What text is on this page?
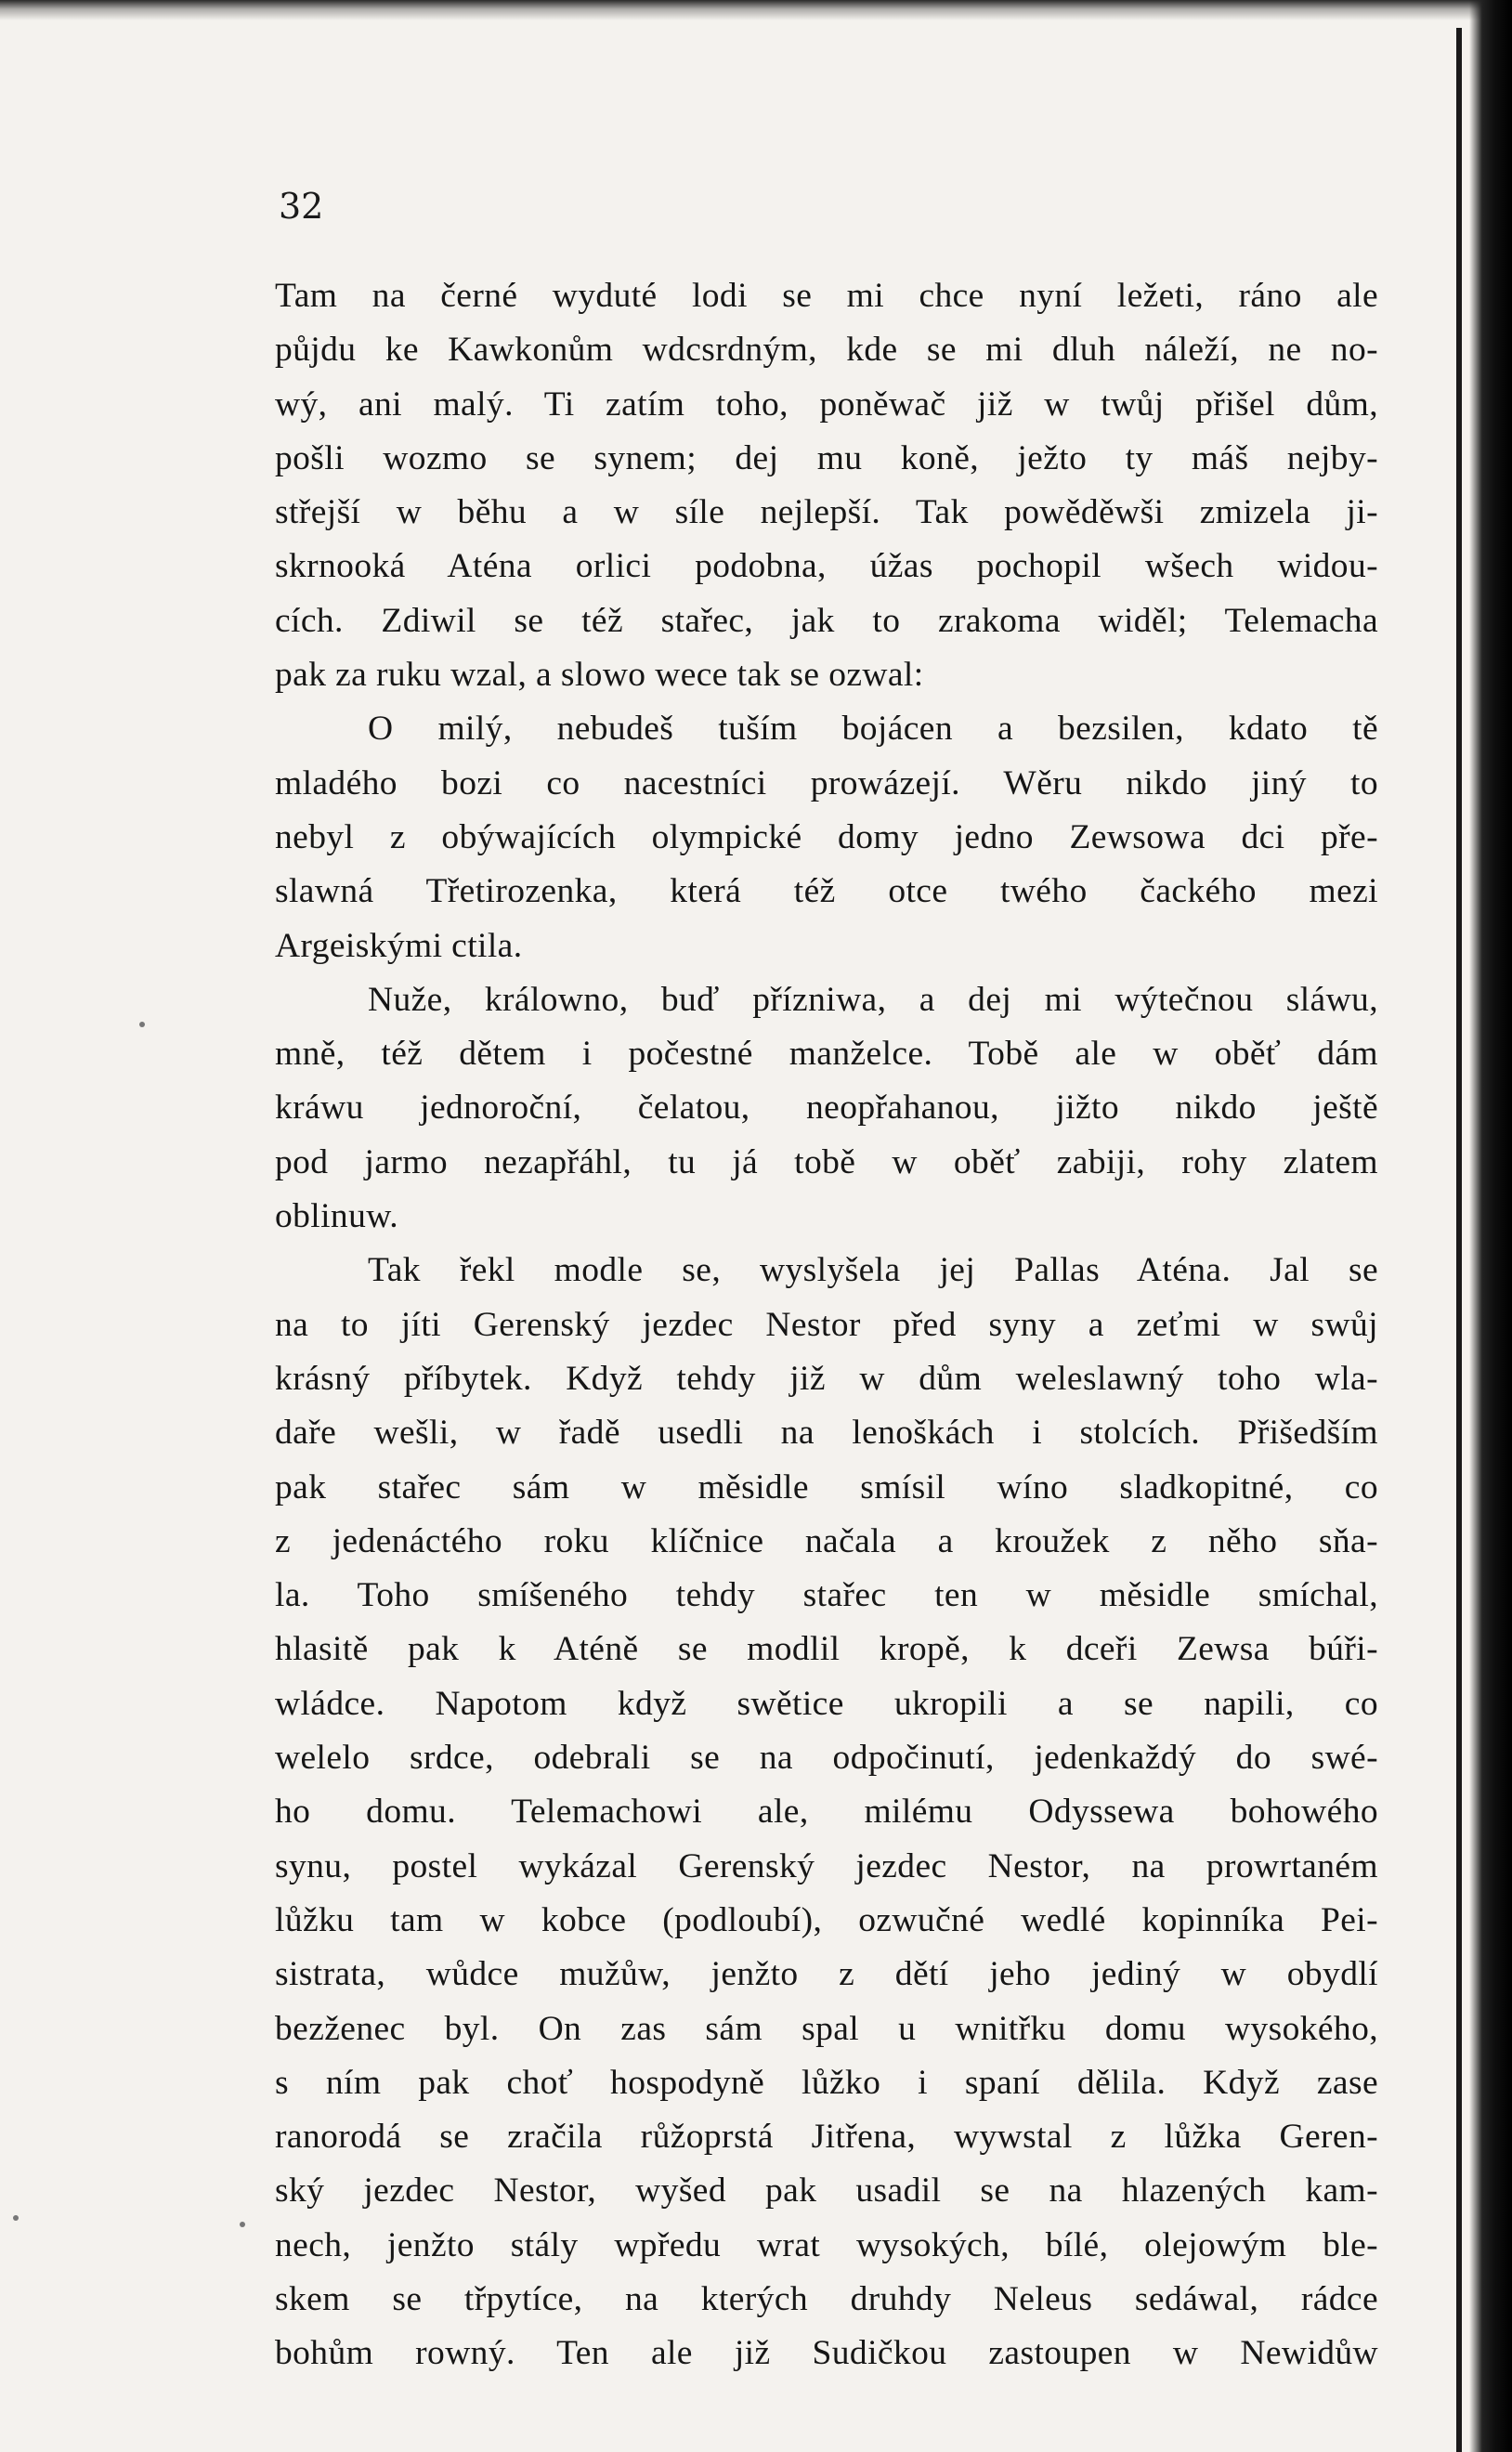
32

Tam na černé wyduté lodi se mi chce nyní ležeti, ráno ale
půjdu ke Kawkonům wdcsrdným, kde se mi dluh náleží, ne no-
wý, ani malý. Ti zatím toho, poněwač již w twůj přišel dům,
pošli wozmo se synem; dej mu koně, ježto ty máš nejby-
střejší w běhu a w síle nejlepší. Tak powěděwši zmizela ji-
skrnooká Aténa orlici podobna, úžas pochopil wšech widou-
cích. Zdiwil se též stařec, jak to zrakoma widěl; Telemacha
pak za ruku wzal, a slowo wece tak se ozwal:
O milý, nebudeš tuším bojácen a bezsilen, kdato tě
mladého bozi co nacestníci prowázejí. Wěru nikdo jiný to
nebyl z obýwajících olympické domy jedno Zewsowa dci pře-
slawná Třetirozenka, která též otce twého čackého mezi
Argeiskými ctila.
Nuže, králowno, buď přízniwa, a dej mi wýtečnou sláwu,
mně, též dětem i počestné manželce. Tobě ale w oběť dám
kráwu jednoroční, čelatou, neopřahanou, jižto nikdo ještě
pod jarmo nezapřáhl, tu já tobě w oběť zabiji, rohy zlatem
oblinuw.
Tak řekl modle se, wyslyšela jej Pallas Aténa. Jal se
na to jíti Gerenský jezdec Nestor před syny a zeťmi w swůj
krásný příbytek. Když tehdy již w dům weleslawný toho wla-
daře wešli, w řadě usedli na lenoškách i stolcích. Přišedším
pak stařec sám w měsidle smísil wíno sladkopitné, co
z jedenáctého roku klíčnice načala a kroužek z něho sňa-
la. Toho smíšeného tehdy stařec ten w měsidle smíchal,
hlasitě pak k Aténě se modlil kropě, k dceři Zewsa búři-
wládce. Napotom když swětice ukropili a se napili, co
welelo srdce, odebrali se na odpočinutí, jedenkaždý do swé-
ho domu. Telemachowi ale, milému Odyssewa bohowého
synu, postel wykázal Gerenský jezdec Nestor, na prowrtaném
lůžku tam w kobce (podloubí), ozwučné wedlé kopinníka Pei-
sistrata, wůdce mužůw, jenžto z dětí jeho jediný w obydlí
bezženec byl. On zas sám spal u wnitřku domu wysokého,
s ním pak choť hospodyně lůžko i spaní dělila. Když zase
ranorodá se zračila růžoprstá Jitřena, wywstal z lůžka Geren-
ský jezdec Nestor, wyšed pak usadil se na hlazených kam-
nech, jenžto stály wpředu wrat wysokých, bílé, olejowým ble-
skem se třpytíce, na kterých druhdy Neleus sedáwal, rádce
bohům rowný. Ten ale již Sudičkou zastoupen w Newidůw
